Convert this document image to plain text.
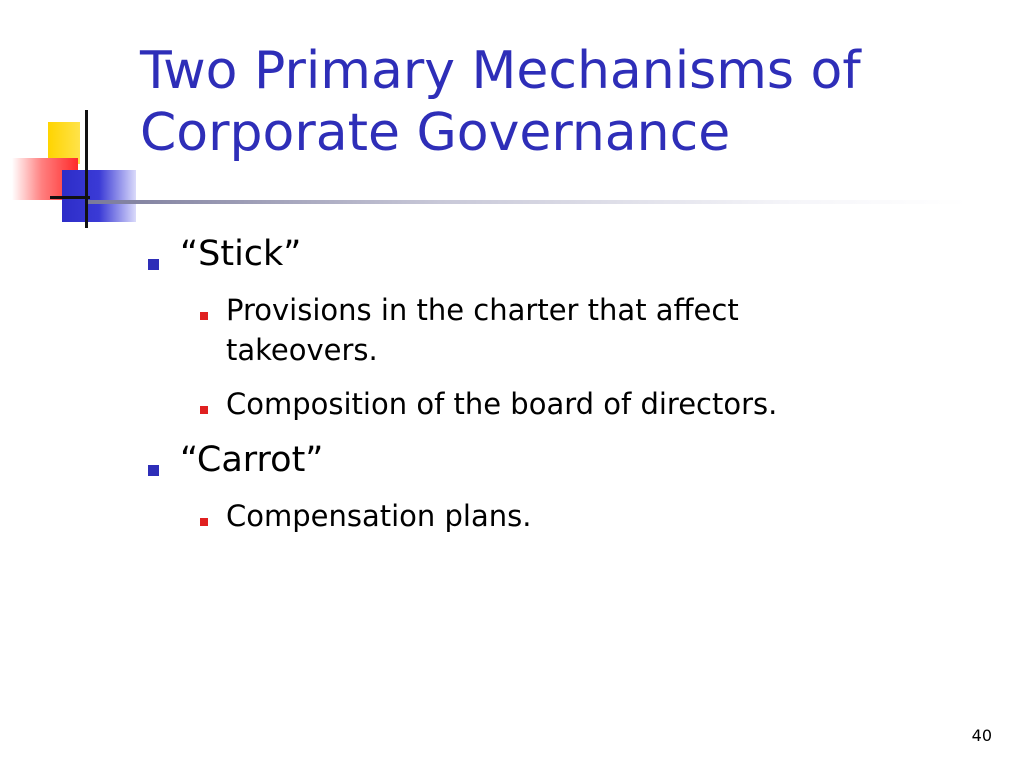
Two Primary Mechanisms of
Corporate Governance
“Stick”
Provisions in the charter that affect takeovers.
Composition of the board of directors.
“Carrot”
Compensation plans.
40
